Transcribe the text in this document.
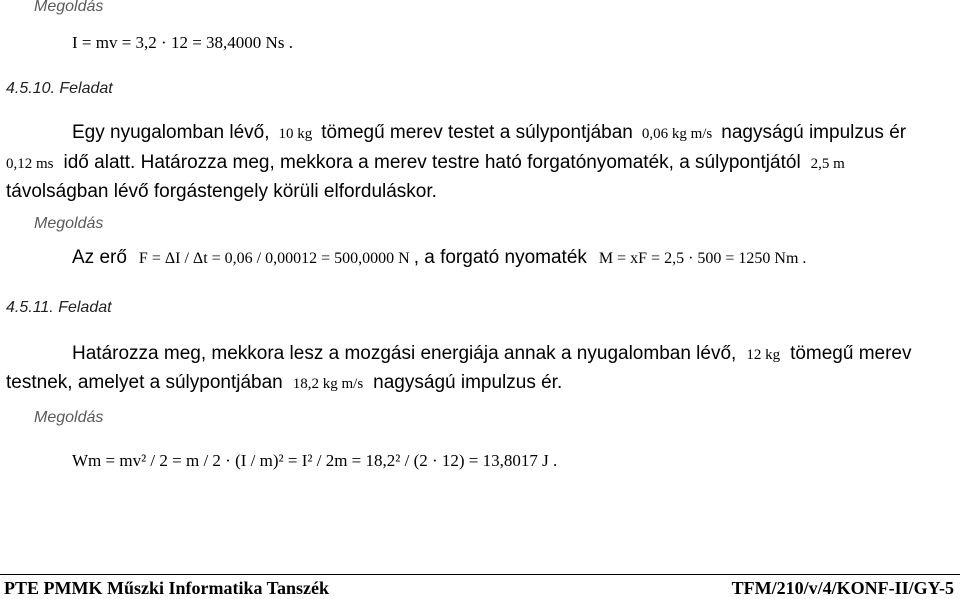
Megoldás
I = mv = 3,2 · 12 = 38,4000 Ns .
4.5.10. Feladat
Egy nyugalomban lévő, 10 kg tömegű merev testet a súlypontjában 0,06 kg m/s nagyságú impulzus ér
0,12 ms idő alatt. Határozza meg, mekkora a merev testre ható forgatónyomaték, a súlypontjától 2,5 m
távolságban lévő forgástengely körüli elforduláskor.
Megoldás
Az erő F = ΔI / Δt = 0,06 / 0,00012 = 500,0000 N , a forgató nyomaték M = xF = 2,5 · 500 = 1250 Nm .
4.5.11. Feladat
Határozza meg, mekkora lesz a mozgási energiája annak a nyugalomban lévő, 12 kg tömegű merev
testnek, amelyet a súlypontjában 18,2 kg m/s nagyságú impulzus ér.
Megoldás
Wm = mv² / 2 = m / 2 · (I / m)² = I² / 2m = 18,2² / (2 · 12) = 13,8017 J .
PTE PMMK Műszki Informatika Tanszék	TFM/210/v/4/KONF-II/GY-5
